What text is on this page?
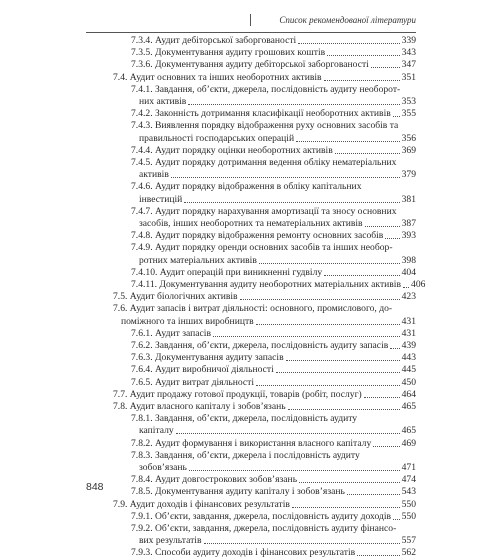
Список рекомендованої літератури
7.3.4. Аудит дебіторської заборгованості	339
7.3.5. Документування аудиту грошових коштів	343
7.3.6. Документування аудиту дебіторської заборгованості	347
7.4. Аудит основних та інших необоротних активів	351
7.4.1. Завдання, об’єкти, джерела, послідовність аудиту необорот-
них активів	353
7.4.2. Законність дотримання класифікації необоротних активів 355
7.4.3. Виявлення порядку відображення руху основних засобів та
правильності господарських операцій	356
7.4.4. Аудит порядку оцінки необоротних активів	369
7.4.5. Аудит порядку дотримання ведення обліку нематеріальних
активів	379
7.4.6. Аудит порядку відображення в обліку капітальних
інвестицій	381
7.4.7. Аудит порядку нарахування амортизації та зносу основних
засобів, інших необоротних та нематеріальних активів	387
7.4.8. Аудит порядку відображення ремонту основних засобів 393
7.4.9. Аудит порядку оренди основних засобів та інших необор-
ротних матеріальних активів	398
7.4.10. Аудит операцій при виникненні гудвілу	404
7.4.11. Документування аудиту необоротних матеріальних активів 406
7.5. Аудит біологічних активів	423
7.6. Аудит запасів і витрат діяльності: основного, промислового, до-
поміжного та інших виробництв	431
7.6.1. Аудит запасів	431
7.6.2. Завдання, об’єкти, джерела, послідовність аудиту запасів 439
7.6.3. Документування аудиту запасів	443
7.6.4. Аудит виробничої діяльності	445
7.6.5. Аудит витрат діяльності	450
7.7. Аудит продажу готової продукції, товарів (робіт, послуг)	464
7.8. Аудит власного капіталу і зобов’язань	465
7.8.1. Завдання, об’єкти, джерела, послідовність аудиту
капіталу	465
7.8.2. Аудит формування і використання власного капіталу	469
7.8.3. Завдання, об’єкти, джерела і послідовність аудиту
зобов’язань	471
7.8.4. Аудит довгострокових зобов’язань	474
7.8.5. Документування аудиту капіталу і зобов’язань	543
7.9. Аудит доходів і фінансових результатів	550
7.9.1. Об’єкти, завдання, джерела, послідовність аудиту доходів 550
7.9.2. Об’єкти, завдання, джерела, послідовність аудиту фінансо-
вих результатів	557
7.9.3. Способи аудиту доходів і фінансових результатів	562
848
